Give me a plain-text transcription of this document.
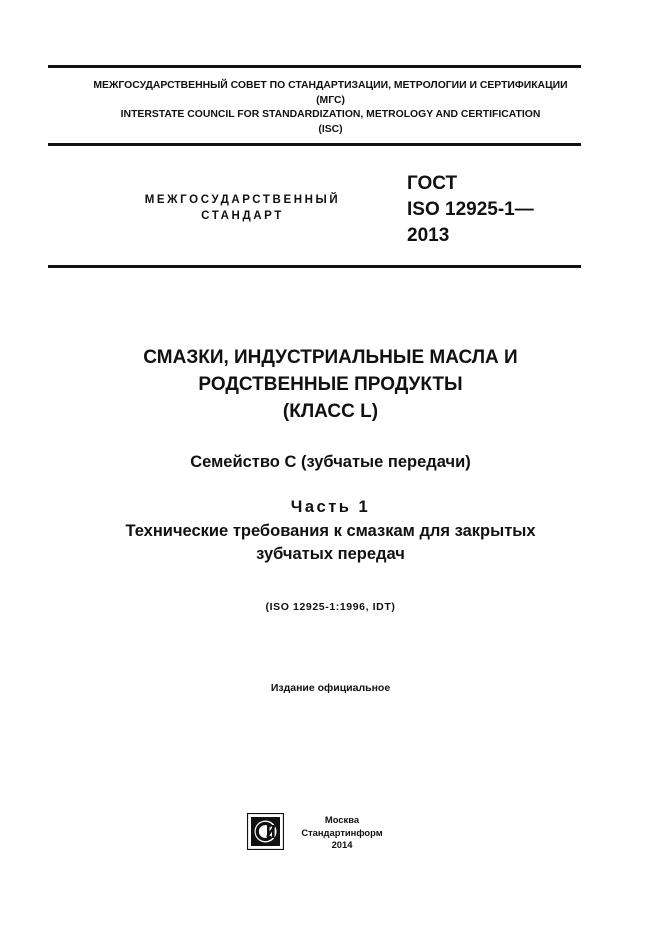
МЕЖГОСУДАРСТВЕННЫЙ СОВЕТ ПО СТАНДАРТИЗАЦИИ, МЕТРОЛОГИИ И СЕРТИФИКАЦИИ
(МГС)
INTERSTATE COUNCIL FOR STANDARDIZATION, METROLOGY AND CERTIFICATION
(ISC)
МЕЖГОСУДАРСТВЕННЫЙ
СТАНДАРТ
ГОСТ
ISO 12925-1—
2013
СМАЗКИ, ИНДУСТРИАЛЬНЫЕ МАСЛА И
РОДСТВЕННЫЕ ПРОДУКТЫ
(КЛАСС L)
Семейство С (зубчатые передачи)
Часть 1
Технические требования к смазкам для закрытых
зубчатых передач
(ISO 12925-1:1996, IDT)
Издание официальное
Москва
Стандартинформ
2014
